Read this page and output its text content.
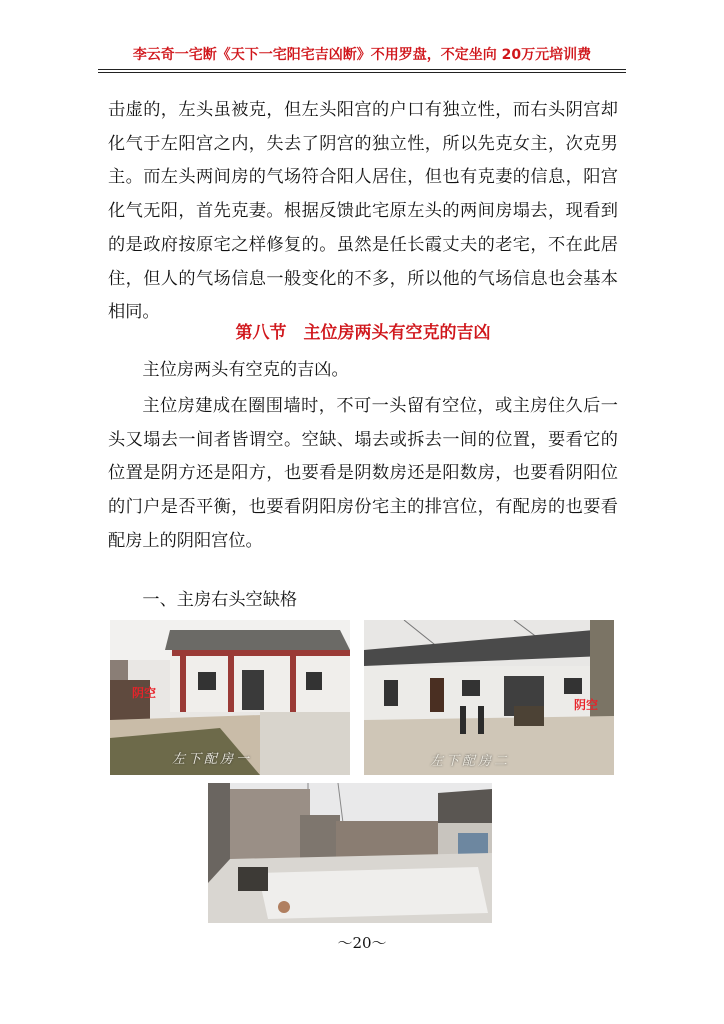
李云奇一宅断《天下一宅阳宅吉凶断》不用罗盘，不定坐向 20万元培训费

击虚的，左头虽被克，但左头阳宫的户口有独立性，而右头阴宫却化气于左阳宫之内，失去了阴宫的独立性，所以先克女主，次克男主。而左头两间房的气场符合阳人居住，但也有克妻的信息，阳宫化气无阳，首先克妻。根据反馈此宅原左头的两间房塌去，现看到的是政府按原宅之样修复的。虽然是任长霞丈夫的老宅，不在此居住，但人的气场信息一般变化的不多，所以他的气场信息也会基本相同。

第八节　主位房两头有空克的吉凶

主位房两头有空克的吉凶。

主位房建成在圈围墙时，不可一头留有空位，或主房住久后一头又塌去一间者皆谓空。空缺、塌去或拆去一间的位置，要看它的位置是阴方还是阳方，也要看是阴数房还是阳数房，也要看阴阳位的门户是否平衡，也要看阴阳房份宅主的排宫位，有配房的也要看配房上的阴阳宫位。

一、主房右头空缺格

阴空
左下配房一
阴空
左下配房二
～20～
